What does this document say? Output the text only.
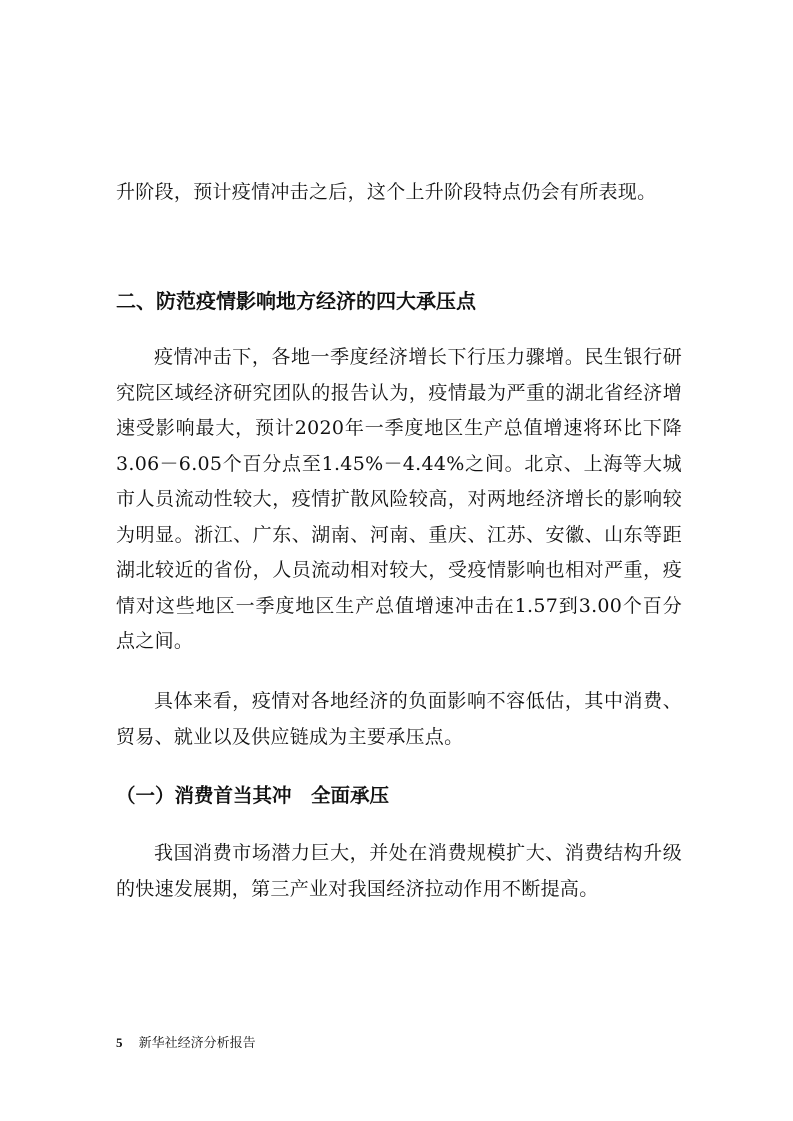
升阶段，预计疫情冲击之后，这个上升阶段特点仍会有所表现。

二、防范疫情影响地方经济的四大承压点

疫情冲击下，各地一季度经济增长下行压力骤增。民生银行研究院区域经济研究团队的报告认为，疫情最为严重的湖北省经济增速受影响最大，预计2020年一季度地区生产总值增速将环比下降3.06－6.05个百分点至1.45%－4.44%之间。北京、上海等大城市人员流动性较大，疫情扩散风险较高，对两地经济增长的影响较为明显。浙江、广东、湖南、河南、重庆、江苏、安徽、山东等距湖北较近的省份，人员流动相对较大，受疫情影响也相对严重，疫情对这些地区一季度地区生产总值增速冲击在1.57到3.00个百分点之间。

具体来看，疫情对各地经济的负面影响不容低估，其中消费、贸易、就业以及供应链成为主要承压点。

（一）消费首当其冲　全面承压

我国消费市场潜力巨大，并处在消费规模扩大、消费结构升级的快速发展期，第三产业对我国经济拉动作用不断提高。

5 新华社经济分析报告
